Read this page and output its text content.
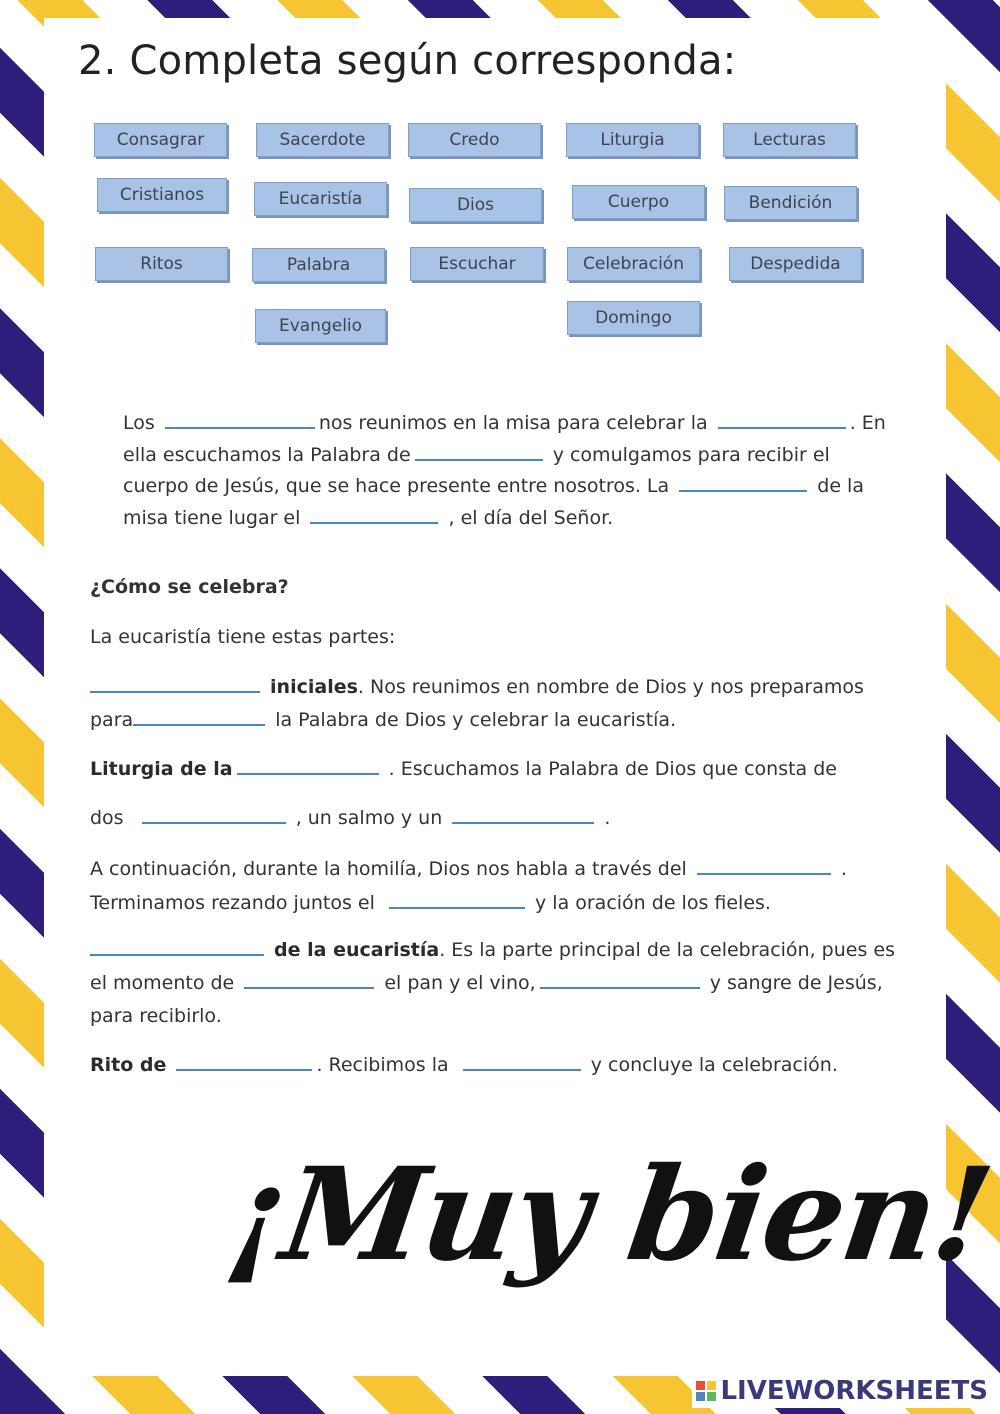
2. Completa según corresponda:
Consagrar	Sacerdote	Credo	Liturgia	Lecturas
Cristianos	Eucaristía	Dios	Cuerpo	Bendición
Ritos	Palabra	Escuchar	Celebración	Despedida
Evangelio	Domingo
Los	nos reunimos en la misa para celebrar la	. En
ella escuchamos la Palabra de	y comulgamos para recibir el
cuerpo de Jesús, que se hace presente entre nosotros. La	de la
misa tiene lugar el	, el día del Señor.
¿Cómo se celebra?
La eucaristía tiene estas partes:
iniciales. Nos reunimos en nombre de Dios y nos preparamos
para	la Palabra de Dios y celebrar la eucaristía.
Liturgia de la	. Escuchamos la Palabra de Dios que consta de
dos	, un salmo y un	.
A continuación, durante la homilía, Dios nos habla a través del	.
Terminamos rezando juntos el	y la oración de los fieles.
de la eucaristía. Es la parte principal de la celebración, pues es
el momento de	el pan y el vino,	y sangre de Jesús,
para recibirlo.
Rito de	. Recibimos la	y concluye la celebración.
¡Muy bien!
LIVEWORKSHEETS
